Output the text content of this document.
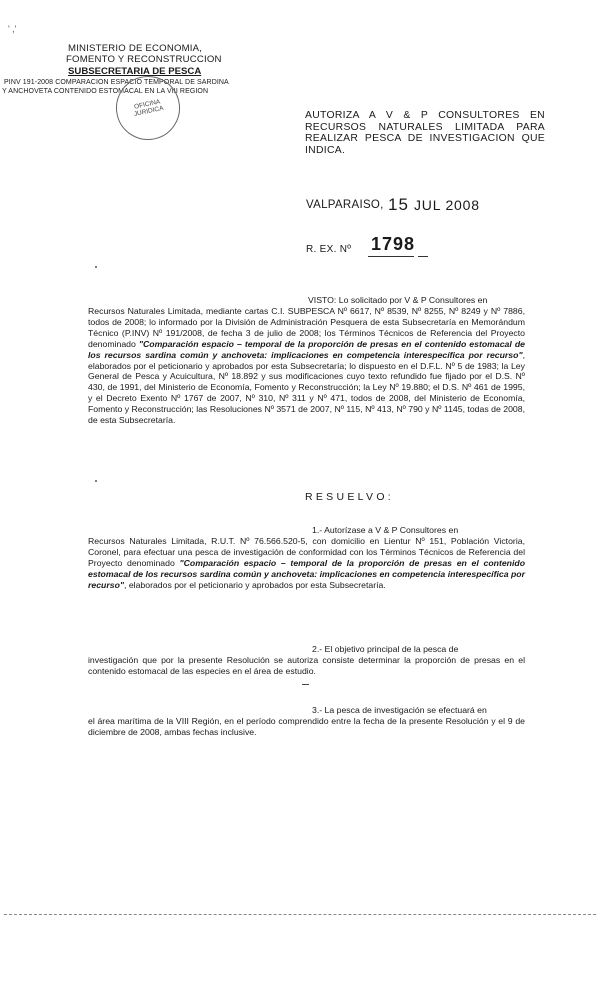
' ,'
MINISTERIO DE ECONOMIA,
FOMENTO Y RECONSTRUCCION
SUBSECRETARIA DE PESCA
PINV 191-2008 COMPARACION ESPACIO TEMPORAL DE SARDINA
Y ANCHOVETA CONTENIDO ESTOMACAL EN LA VIII REGION
OFICINA JURIDICA	AUTORIZA A V & P CONSULTORES EN RECURSOS NATURALES LIMITADA PARA REALIZAR PESCA DE INVESTIGACION QUE INDICA.
VALPARAISO, 15 JUL 2008
R. EX. Nº 1798
VISTO: Lo solicitado por V & P Consultores en

Recursos Naturales Limitada, mediante cartas C.I. SUBPESCA Nº 6617, Nº 8539, Nº 8255, Nº 8249 y Nº 7886, todos de 2008; lo informado por la División de Administración Pesquera de esta Subsecretaría en Memorándum Técnico (P.INV) Nº 191/2008, de fecha 3 de julio de 2008; los Términos Técnicos de Referencia del Proyecto denominado "Comparación espacio – temporal de la proporción de presas en el contenido estomacal de los recursos sardina común y anchoveta: implicaciones en competencia interespecífica por recurso", elaborados por el peticionario y aprobados por esta Subsecretaría; lo dispuesto en el D.F.L. Nº 5 de 1983; la Ley General de Pesca y Acuicultura, Nº 18.892 y sus modificaciones cuyo texto refundido fue fijado por el D.S. Nº 430, de 1991, del Ministerio de Economía, Fomento y Reconstrucción; la Ley Nº 19.880; el D.S. Nº 461 de 1995, y el Decreto Exento Nº 1767 de 2007, Nº 310, Nº 311 y Nº 471, todos de 2008, del Ministerio de Economía, Fomento y Reconstrucción; las Resoluciones Nº 3571 de 2007, Nº 115, Nº 413, Nº 790 y Nº 1145, todas de 2008, de esta Subsecretaría.

RESUELVO:
1.- Autorízase a V & P Consultores en

Recursos Naturales Limitada, R.U.T. Nº 76.566.520-5, con domicilio en Lientur Nº 151, Población Victoria, Coronel, para efectuar una pesca de investigación de conformidad con los Términos Técnicos de Referencia del Proyecto denominado "Comparación espacio – temporal de la proporción de presas en el contenido estomacal de los recursos sardina común y anchoveta: implicaciones en competencia interespecífica por recurso", elaborados por el peticionario y aprobados por esta Subsecretaría.

2.- El objetivo principal de la pesca de
investigación que por la presente Resolución se autoriza consiste determinar la proporción de presas en el contenido estomacal de las especies en el área de estudio.
3.- La pesca de investigación se efectuará en
el área marítima de la VIII Región, en el período comprendido entre la fecha de la presente Resolución y el 9 de diciembre de 2008, ambas fechas inclusive.
